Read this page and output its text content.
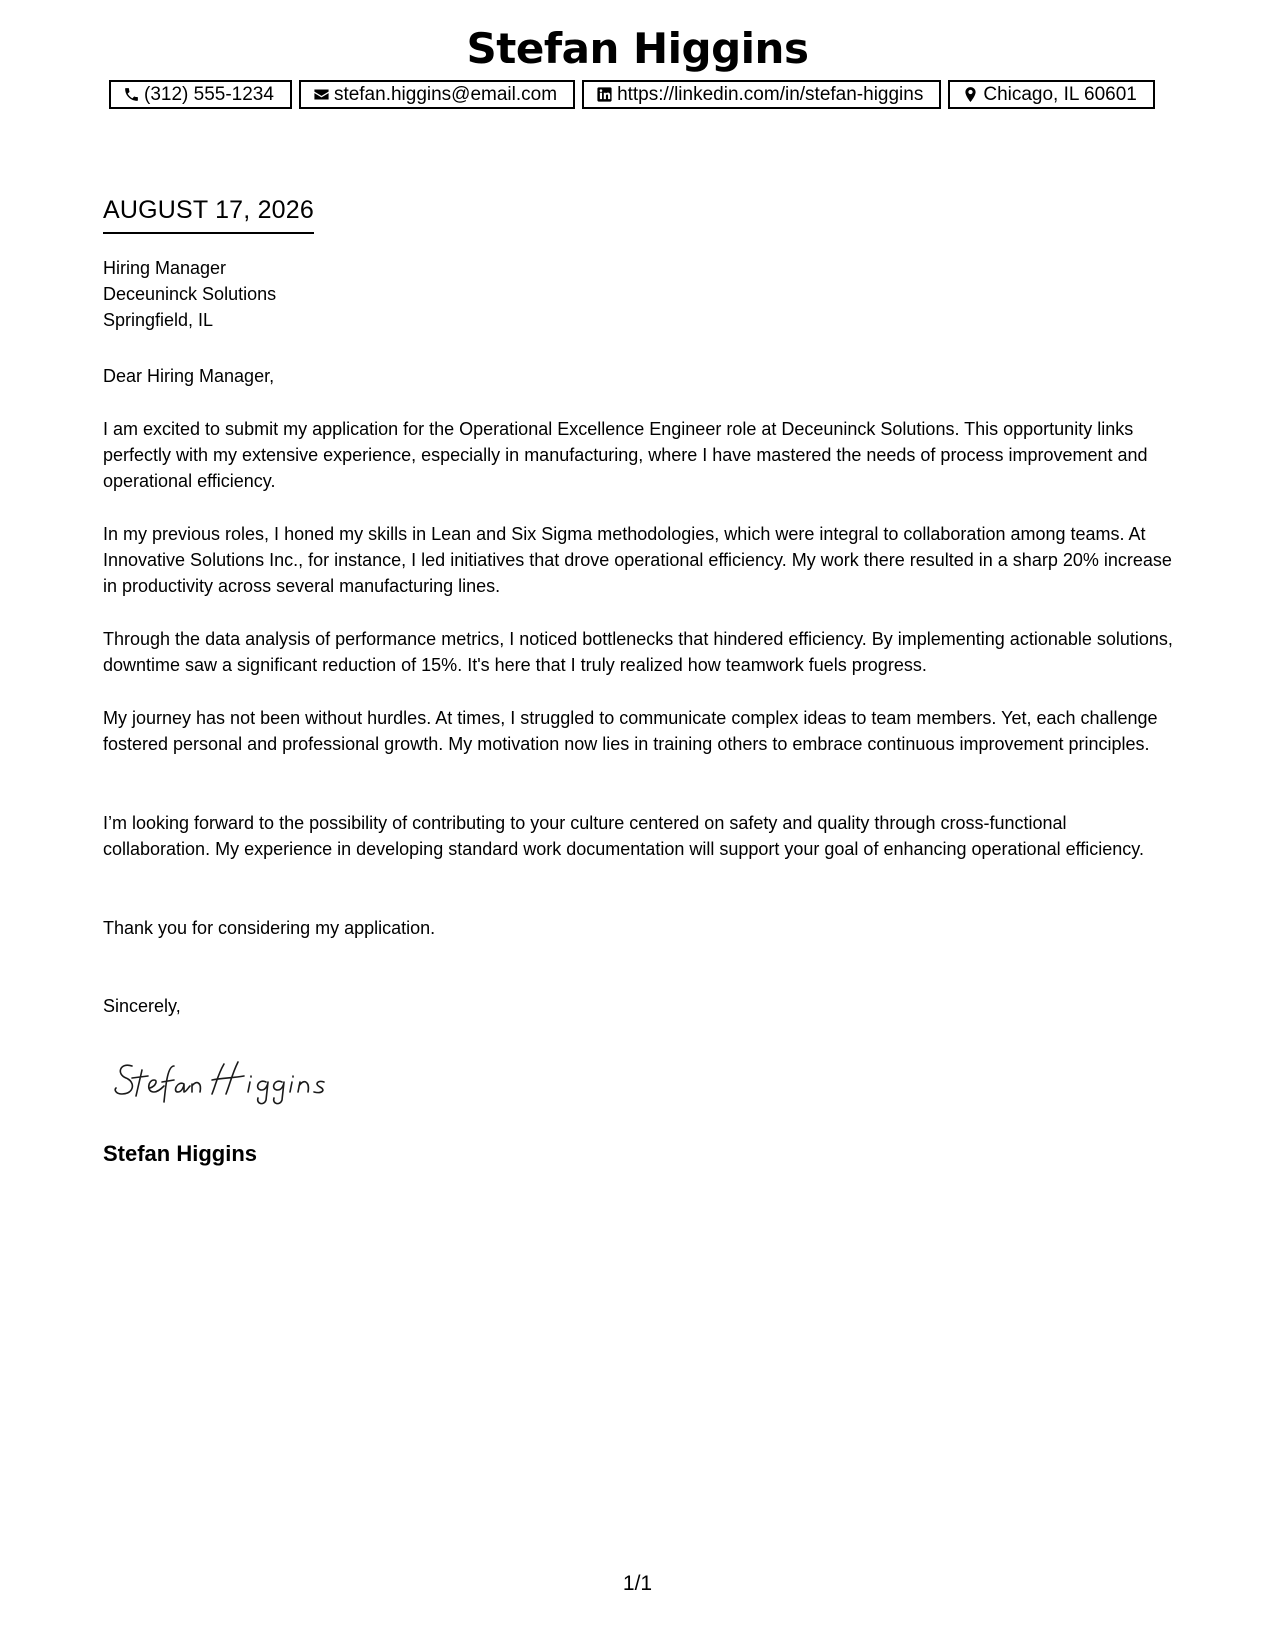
Stefan Higgins
(312) 555-1234	stefan.higgins@email.com	https://linkedin.com/in/stefan-higgins	Chicago, IL 60601
AUGUST 17, 2026
Hiring Manager
Deceuninck Solutions
Springfield, IL
Dear Hiring Manager,

I am excited to submit my application for the Operational Excellence Engineer role at Deceuninck Solutions. This opportunity links perfectly with my extensive experience, especially in manufacturing, where I have mastered the needs of process improvement and operational efficiency.

In my previous roles, I honed my skills in Lean and Six Sigma methodologies, which were integral to collaboration among teams. At Innovative Solutions Inc., for instance, I led initiatives that drove operational efficiency. My work there resulted in a sharp 20% increase in productivity across several manufacturing lines.

Through the data analysis of performance metrics, I noticed bottlenecks that hindered efficiency. By implementing actionable solutions, downtime saw a significant reduction of 15%. It's here that I truly realized how teamwork fuels progress.

My journey has not been without hurdles. At times, I struggled to communicate complex ideas to team members. Yet, each challenge fostered personal and professional growth. My motivation now lies in training others to embrace continuous improvement principles.

I’m looking forward to the possibility of contributing to your culture centered on safety and quality through cross-functional collaboration. My experience in developing standard work documentation will support your goal of enhancing operational efficiency.

Thank you for considering my application.

Sincerely,
Stefan Higgins
1/1
